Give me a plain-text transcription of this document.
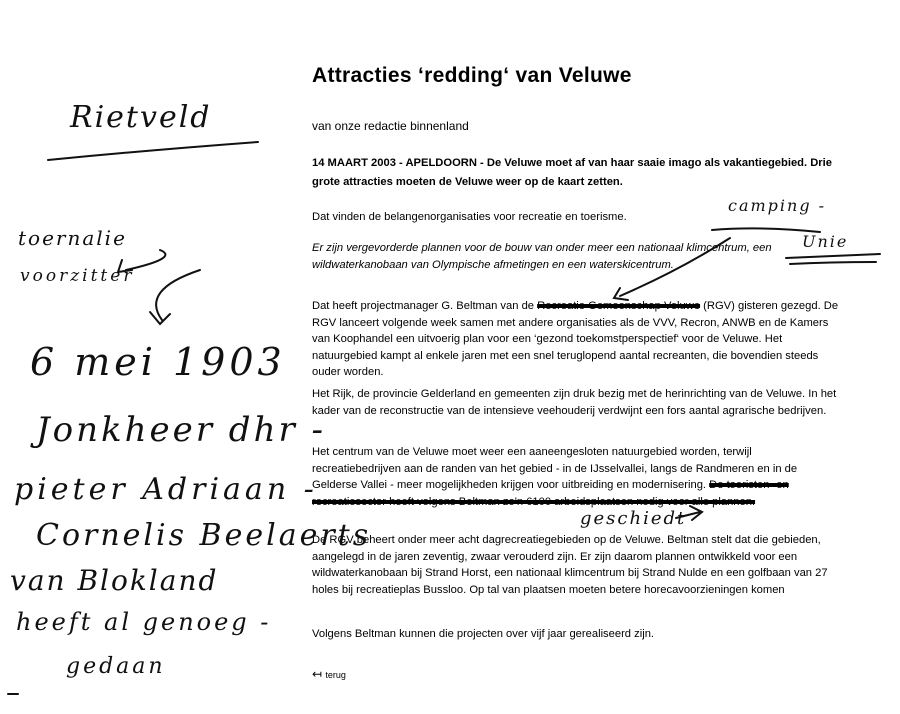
Attracties ‘redding‘ van Veluwe

van onze redactie binnenland

14 MAART 2003 - APELDOORN - De Veluwe moet af van haar saaie imago als vakantiegebied. Drie grote attracties moeten de Veluwe weer op de kaart zetten.

Dat vinden de belangenorganisaties voor recreatie en toerisme.

Er zijn vergevorderde plannen voor de bouw van onder meer een nationaal klimcentrum, een wildwaterkanobaan van Olympische afmetingen en een waterskicentrum.

Dat heeft projectmanager G. Beltman van de Recreatie Gemeenschap Veluwe (RGV) gisteren gezegd. De RGV lanceert volgende week samen met andere organisaties als de VVV, Recron, ANWB en de Kamers van Koophandel een uitvoerig plan voor een ‘gezond toekomstperspectief‘ voor de Veluwe. Het natuurgebied kampt al enkele jaren met een snel teruglopend aantal recreanten, die bovendien steeds ouder worden.

Het Rijk, de provincie Gelderland en gemeenten zijn druk bezig met de herinrichting van de Veluwe. In het kader van de reconstructie van de intensieve veehouderij verdwijnt een fors aantal agrarische bedrijven.

Het centrum van de Veluwe moet weer een aaneengesloten natuurgebied worden, terwijl recreatiebedrijven aan de randen van het gebied - in de IJsselvallei, langs de Randmeren en in de Gelderse Vallei - meer mogelijkheden krijgen voor uitbreiding en modernisering. De toeristen- en recreatiesector heeft volgens Beltman zo'n 6100 arbeidsplaatsen nodig voor alle plannen.

De RGV beheert onder meer acht dagrecreatiegebieden op de Veluwe. Beltman stelt dat die gebieden, aangelegd in de jaren zeventig, zwaar verouderd zijn. Er zijn daarom plannen ontwikkeld voor een wildwaterkanobaan bij Strand Horst, een nationaal klimcentrum bij Strand Nulde en een golfbaan van 27 holes bij recreatieplas Bussloo. Op tal van plaatsen moeten betere horecavoorzieningen komen

Volgens Beltman kunnen die projecten over vijf jaar gerealiseerd zijn.

↤ terug
Rietveld
toernalie
voorzitter
6 mei 1903
Jonkheer dhr -
pieter Adriaan -
Cornelis Beelaerts
van Blokland
heeft al genoeg -
gedaan
camping -
Unie
geschiedt
